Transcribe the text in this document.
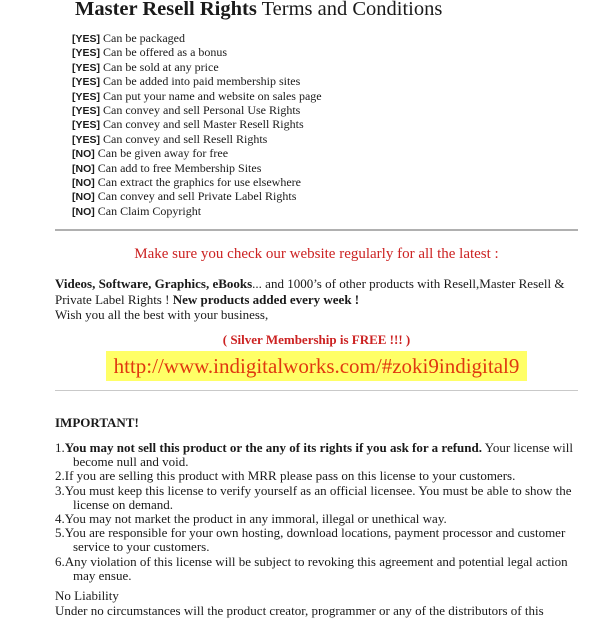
Master Resell Rights Terms and Conditions
[YES] Can be packaged
[YES] Can be offered as a bonus
[YES] Can be sold at any price
[YES] Can be added into paid membership sites
[YES] Can put your name and website on sales page
[YES] Can convey and sell Personal Use Rights
[YES] Can convey and sell Master Resell Rights
[YES] Can convey and sell Resell Rights
[NO] Can be given away for free
[NO] Can add to free Membership Sites
[NO] Can extract the graphics for use elsewhere
[NO] Can convey and sell Private Label Rights
[NO] Can Claim Copyright

Make sure you check our website regularly for all the latest :

Videos, Software, Graphics, eBooks... and 1000’s of other products with Resell,Master Resell & Private Label Rights ! New products added every week !
Wish you all the best with your business,

( Silver Membership is FREE !!! )

http://www.indigitalworks.com/#zoki9indigital9

IMPORTANT!

1.You may not sell this product or the any of its rights if you ask for a refund. Your license will become null and void.
2.If you are selling this product with MRR please pass on this license to your customers.
3.You must keep this license to verify yourself as an official licensee. You must be able to show the license on demand.
4.You may not market the product in any immoral, illegal or unethical way.
5.You are responsible for your own hosting, download locations, payment processor and customer service to your customers.
6.Any violation of this license will be subject to revoking this agreement and potential legal action may ensue.

No Liability

Under no circumstances will the product creator, programmer or any of the distributors of this
